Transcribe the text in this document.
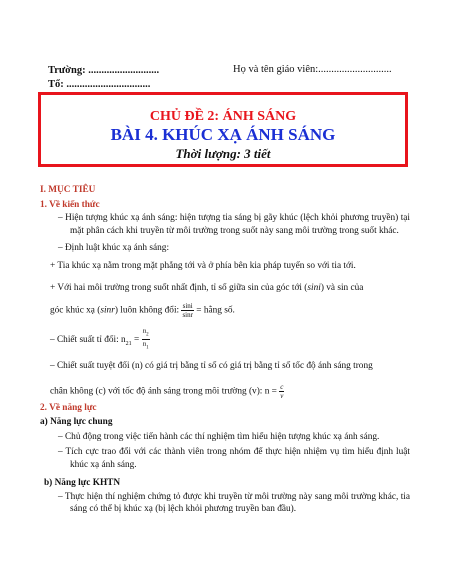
Trường: ...........................
Tổ: ................................
Họ và tên giáo viên:............................
CHỦ ĐỀ 2: ÁNH SÁNG
BÀI 4. KHÚC XẠ ÁNH SÁNG
Thời lượng: 3 tiết
I. MỤC TIÊU
1. Về kiến thức
– Hiện tượng khúc xạ ánh sáng: hiện tượng tia sáng bị gãy khúc (lệch khỏi phương truyền) tại mặt phân cách khi truyền từ môi trường trong suốt này sang môi trường trong suốt khác.
– Định luật khúc xạ ánh sáng:
+ Tia khúc xạ nằm trong mặt phẳng tới và ở phía bên kia pháp tuyến so với tia tới.
+ Với hai môi trường trong suốt nhất định, tỉ số giữa sin của góc tới (sini) và sin của
góc khúc xạ (sinr) luôn không đổi: $\frac{\sin i}{\sin r}$ = hằng số.
– Chiết suất tỉ đối: $n_{21} = \frac{n_2}{n_1}$
– Chiết suất tuyệt đối (n) có giá trị bằng tỉ số có giá trị bằng tỉ số tốc độ ánh sáng trong
chân không (c) với tốc độ ánh sáng trong môi trường (v): $n = \frac{c}{v}$
2. Về năng lực
a) Năng lực chung
– Chủ động trong việc tiến hành các thí nghiệm tìm hiểu hiện tượng khúc xạ ánh sáng.
– Tích cực trao đổi với các thành viên trong nhóm để thực hiện nhiệm vụ tìm hiểu định luật khúc xạ ánh sáng.
b) Năng lực KHTN
– Thực hiện thí nghiệm chứng tỏ được khi truyền từ môi trường này sang môi trường khác, tia sáng có thể bị khúc xạ (bị lệch khỏi phương truyền ban đầu).
